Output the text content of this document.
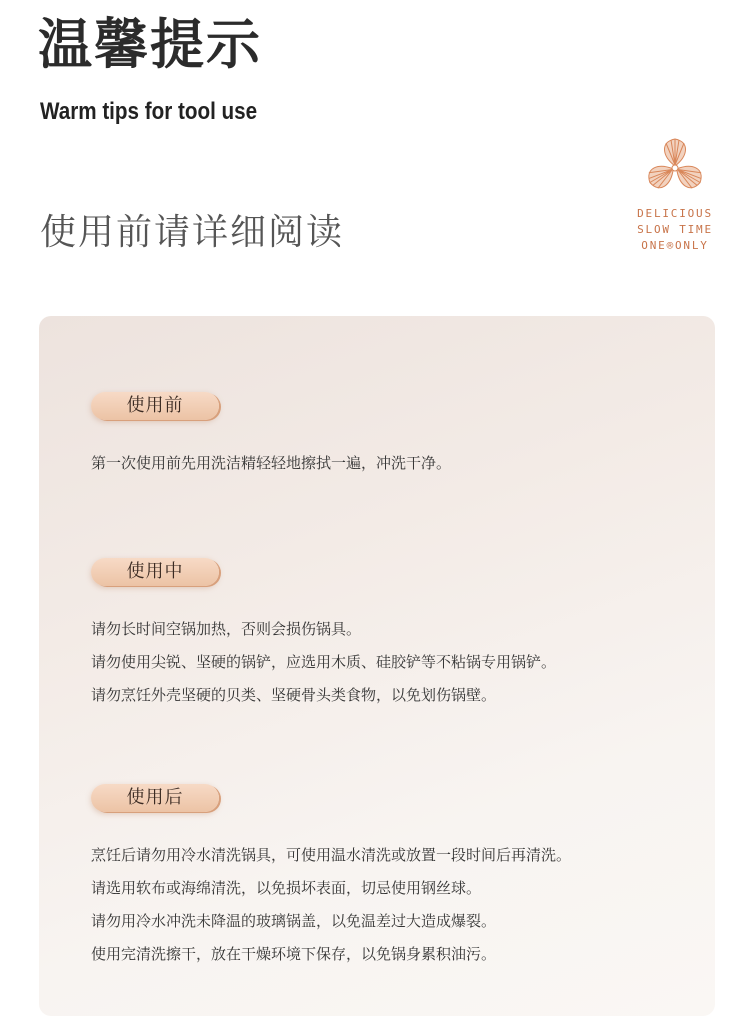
温馨提示
Warm tips for tool use
使用前请详细阅读	DELICIOUS
SLOW TIME
ONE®ONLY
使用前
第一次使用前先用洗洁精轻轻地擦拭一遍，冲洗干净。
使用中
请勿长时间空锅加热，否则会损伤锅具。
请勿使用尖锐、坚硬的锅铲，应选用木质、硅胶铲等不粘锅专用锅铲。
请勿烹饪外壳坚硬的贝类、坚硬骨头类食物，以免划伤锅壁。
使用后
烹饪后请勿用冷水清洗锅具，可使用温水清洗或放置一段时间后再清洗。
请选用软布或海绵清洗，以免损坏表面，切忌使用钢丝球。
请勿用冷水冲洗未降温的玻璃锅盖，以免温差过大造成爆裂。
使用完清洗擦干，放在干燥环境下保存，以免锅身累积油污。
